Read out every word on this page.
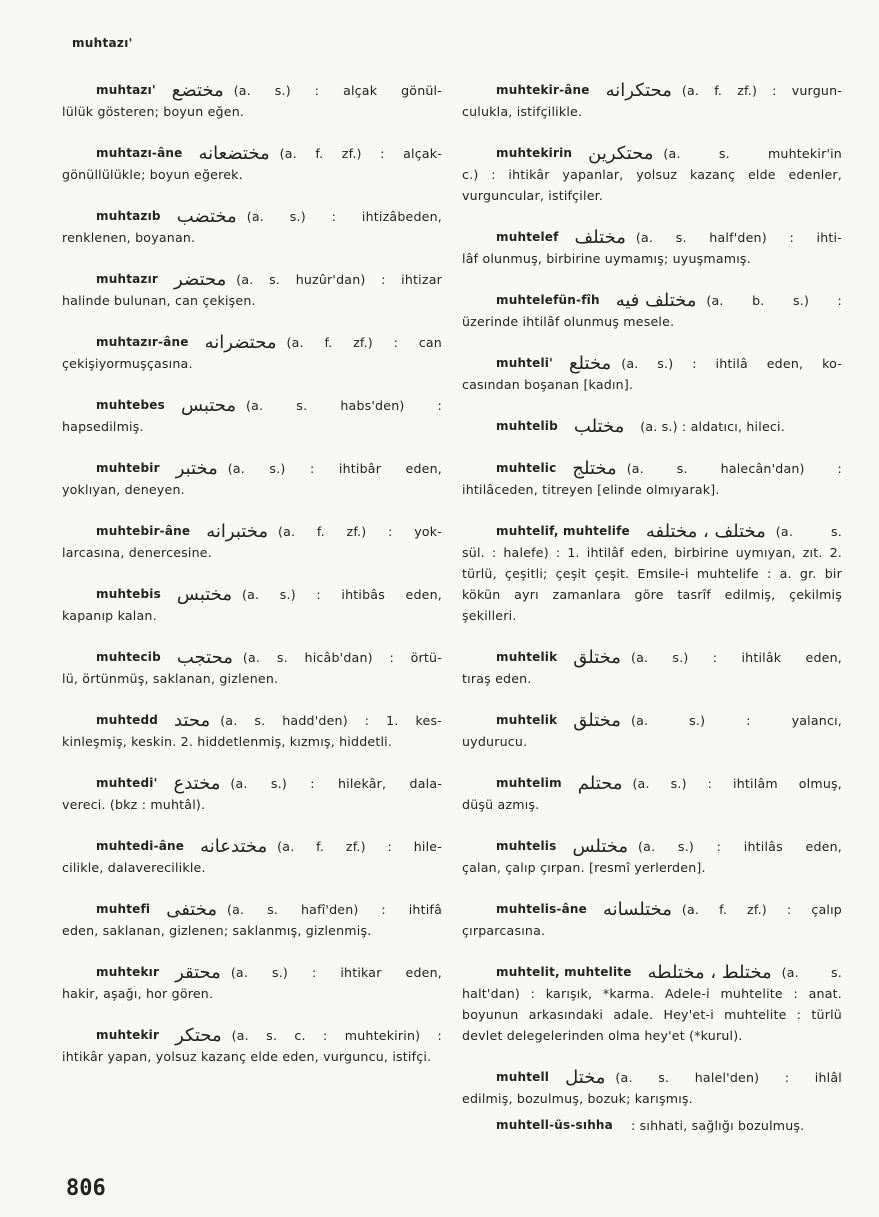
muhtazı'
muhtazı' مختضع (a. s.) : alçak gönül-
lülük gösteren; boyun eğen.
muhtazı-âne مختضعانه (a. f. zf.) : alçak-
gönüllülükle; boyun eğerek.
muhtazıb مختضب (a. s.) : ihtizâbeden,
renklenen, boyanan.
muhtazır محتضر (a. s. huzûr'dan) : ihtizar
halinde bulunan, can çekişen.
muhtazır-âne محتضرانه (a. f. zf.) : can
çekişiyormuşçasına.
muhtebes محتبس (a. s. habs'den) :
hapsedilmiş.
muhtebir مختبر (a. s.) : ihtibâr eden,
yoklıyan, deneyen.
muhtebir-âne مختبرانه (a. f. zf.) : yok-
larcasına, denercesine.
muhtebis مختبس (a. s.) : ihtibâs eden,
kapanıp kalan.
muhtecib محتجب (a. s. hicâb'dan) : örtü-
lü, örtünmüş, saklanan, gizlenen.
muhtedd محتد (a. s. hadd'den) : 1. kes-
kinleşmiş, keskin. 2. hiddetlenmiş, kızmış, hiddetli.
muhtedi' مختدع (a. s.) : hilekâr, dala-
vereci. (bkz : muhtâl).
muhtedi-âne مختدعانه (a. f. zf.) : hile-
cilikle, dalaverecilikle.
muhtefi مختفى (a. s. hafî'den) : ihtifâ
eden, saklanan, gizlenen; saklanmış, gizlenmiş.
muhtekır محتقر (a. s.) : ihtikar eden,
hakir, aşağı, hor gören.
muhtekir محتكر (a. s. c. : muhtekirin) :
ihtikâr yapan, yolsuz kazanç elde eden, vurguncu, istifçi.
muhtekir-âne محتكرانه (a. f. zf.) : vurgun-
culukla, istifçilikle.
muhtekirin محتكرين (a. s. muhtekir'in
c.) : ihtikâr yapanlar, yolsuz kazanç elde edenler, vurguncular, istifçiler.
muhtelef مختلف (a. s. half'den) : ihti-
lâf olunmuş, birbirine uymamış; uyuşmamış.
muhtelefün-fîh مختلف فيه (a. b. s.) :
üzerinde ihtilâf olunmuş mesele.
muhteli' مختلع (a. s.) : ihtilâ eden, ko-
casından boşanan [kadın].
muhtelib مختلب	(a. s.) : aldatıcı, hileci.
muhtelic مختلج (a. s. halecân'dan) :
ihtilâceden, titreyen [elinde olmıyarak].
muhtelif, muhtelife مختلف ، مختلفه (a. s.
sül. : halefe) : 1. ihtilâf eden, birbirine uymıyan, zıt. 2. türlü, çeşitli; çeşit çeşit. Emsile-i muhtelife : a. gr. bir kökün ayrı zamanlara göre tasrîf edilmiş, çekilmiş şekilleri.
muhtelik مختلق (a. s.) : ihtilâk eden,
tıraş eden.
muhtelik مختلق (a. s.) : yalancı,
uydurucu.
muhtelim محتلم (a. s.) : ihtilâm olmuş,
düşü azmış.
muhtelis مختلس (a. s.) : ihtilâs eden,
çalan, çalıp çırpan. [resmî yerlerden].
muhtelis-âne مختلسانه (a. f. zf.) : çalıp
çırparcasına.
muhtelit, muhtelite مختلط ، مختلطه (a. s.
halt'dan) : karışık, *karma. Adele-i muhtelite : anat. boyunun arkasındaki adale. Hey'et-i muhtelite : türlü devlet delegelerinden olma hey'et (*kurul).
muhtell مختل (a. s. halel'den) : ihlâl
edilmiş, bozulmuş, bozuk; karışmış.
muhtell-üs-sıhha	: sıhhati, sağlığı bozulmuş.
806
